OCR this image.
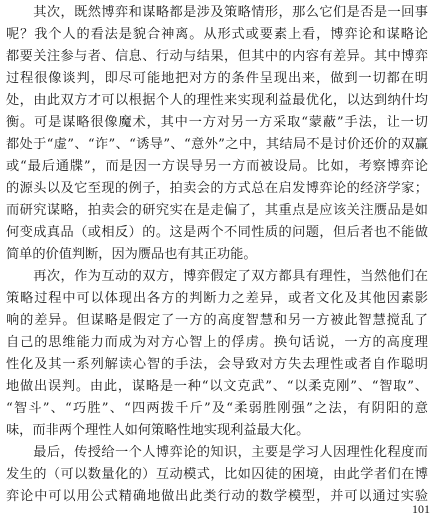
　　其次，既然博弈和谋略都是涉及策略情形，那么它们是否是一回事
呢？我个人的看法是貌合神离。从形式或要素上看，博弈论和谋略论
都要关注参与者、信息、行动与结果，但其中的内容有差异。其中博弈
过程很像谈判，即尽可能地把对方的条件呈现出来，做到一切都在明
处，由此双方才可以根据个人的理性来实现利益最优化，以达到纳什均
衡。可是谋略很像魔术，其中一方对另一方采取“蒙蔽”手法，让一切
都处于“虚”、“诈”、“诱导”、“意外”之中，其结局不是讨价还价的双赢
或“最后通牒”，而是因一方误导另一方而被设局。比如，考察博弈论
的源头以及它至现的例子，拍卖会的方式总在启发博弈论的经济学家；
而研究谋略，拍卖会的研究实在是走偏了，其重点是应该关注赝品是如
何变成真品（或相反）的。这是两个不同性质的问题，但后者也不能做
简单的价值判断，因为赝品也有其正功能。
　　再次，作为互动的双方，博弈假定了双方都具有理性，当然他们在
策略过程中可以体现出各方的判断力之差异，或者文化及其他因素影
响的差异。但谋略是假定了一方的高度智慧和另一方被此智慧搅乱了
自己的思维能力而成为对方心智上的俘虏。换句话说，一方的高度理
性化及其一系列解读心智的手法，会导致对方失去理性或者自作聪明
地做出误判。由此，谋略是一种“以文克武”、“以柔克刚”、“智取”、
“智斗”、“巧胜”、“四两拨千斤”及“柔弱胜刚强”之法，有阴阳的意
味，而非两个理性人如何策略性地实现利益最大化。
　　最后，传授给一个人博弈论的知识，主要是学习人因理性化程度而
发生的（可以数量化的）互动模式，比如囚徒的困境，由此学者们在博
弈论中可以用公式精确地做出此类行动的数学模型，并可以通过实验
101
